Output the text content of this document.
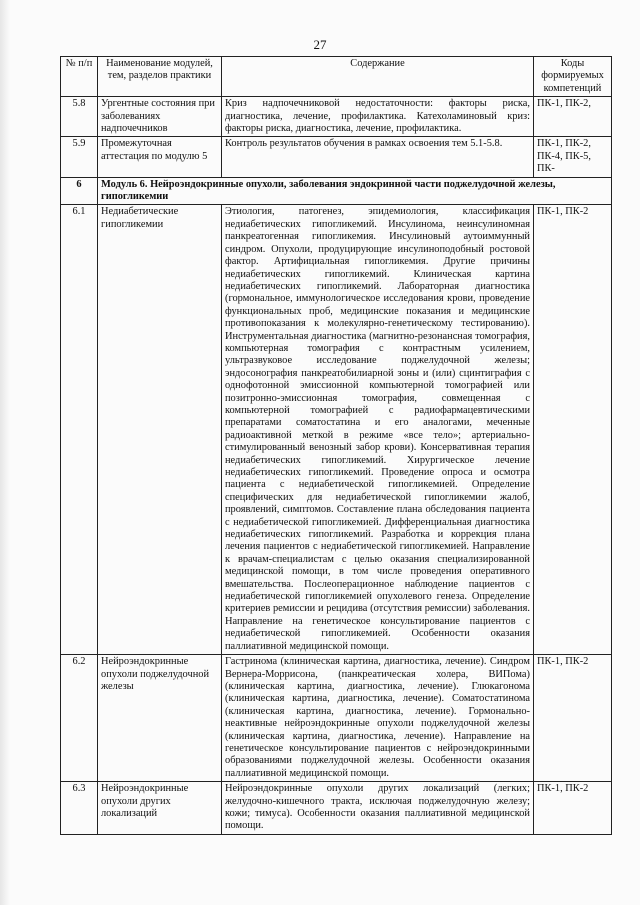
27
№ п/п	Наименование модулей, тем, разделов практики	Содержание	Коды формируемых компетенций
5.8	Ургентные состояния при заболеваниях надпочечников	Криз надпочечниковой недостаточности: факторы риска, диагностика, лечение, профилактика. Катехоламиновый криз: факторы риска, диагностика, лечение, профилактика.	ПК-1, ПК-2,
5.9	Промежуточная аттестация по модулю 5	Контроль результатов обучения в рамках освоения тем 5.1-5.8.	ПК-1, ПК-2, ПК-4, ПК-5, ПК-
6	Модуль 6. Нейроэндокринные опухоли, заболевания эндокринной части поджелудочной железы, гипогликемии		
6.1	Недиабетические гипогликемии	Этиология, патогенез, эпидемиология, классификация недиабетических гипогликемий. Инсулинома, неинсулиномная панкреатогенная гипогликемия. Инсулиновый аутоиммунный синдром. Опухоли, продуцирующие инсулиноподобный ростовой фактор. Артифициальная гипогликемия. Другие причины недиабетических гипогликемий. Клиническая картина недиабетических гипогликемий. Лабораторная диагностика (гормональное, иммунологическое исследования крови, проведение функциональных проб, медицинские показания и медицинские противопоказания к молекулярно-генетическому тестированию). Инструментальная диагностика (магнитно-резонансная томография, компьютерная томография с контрастным усилением, ультразвуковое исследование поджелудочной железы; эндосонография панкреатобилиарной зоны и (или) сцинтиграфия с однофотонной эмиссионной компьютерной томографией или позитронно-эмиссионная томография, совмещенная с компьютерной томографией с радиофармацевтическими препаратами соматостатина и его аналогами, меченные радиоактивной меткой в режиме «все тело»; артериально-стимулированный венозный забор крови). Консервативная терапия недиабетических гипогликемий. Хирургическое лечение недиабетических гипогликемий. Проведение опроса и осмотра пациента с недиабетической гипогликемией. Определение специфических для недиабетической гипогликемии жалоб, проявлений, симптомов. Составление плана обследования пациента с недиабетической гипогликемией. Дифференциальная диагностика недиабетических гипогликемий. Разработка и коррекция плана лечения пациентов с недиабетической гипогликемией. Направление к врачам-специалистам с целью оказания специализированной медицинской помощи, в том числе проведения оперативного вмешательства. Послеоперационное наблюдение пациентов с недиабетической гипогликемией опухолевого генеза. Определение критериев ремиссии и рецидива (отсутствия ремиссии) заболевания. Направление на генетическое консультирование пациентов с недиабетической гипогликемией. Особенности оказания паллиативной медицинской помощи.	ПК-1, ПК-2
6.2	Нейроэндокринные опухоли поджелудочной железы	Гастринома (клиническая картина, диагностика, лечение). Синдром Вернера-Моррисона, (панкреатическая холера, ВИПома) (клиническая картина, диагностика, лечение). Глюкагонома (клиническая картина, диагностика, лечение). Соматостатинома (клиническая картина, диагностика, лечение). Гормонально-неактивные нейроэндокринные опухоли поджелудочной железы (клиническая картина, диагностика, лечение). Направление на генетическое консультирование пациентов с нейроэндокринными образованиями поджелудочной железы. Особенности оказания паллиативной медицинской помощи.	ПК-1, ПК-2
6.3	Нейроэндокринные опухоли других локализаций	Нейроэндокринные опухоли других локализаций (легких; желудочно-кишечного тракта, исключая поджелудочную железу; кожи; тимуса). Особенности оказания паллиативной медицинской помощи.	ПК-1, ПК-2
